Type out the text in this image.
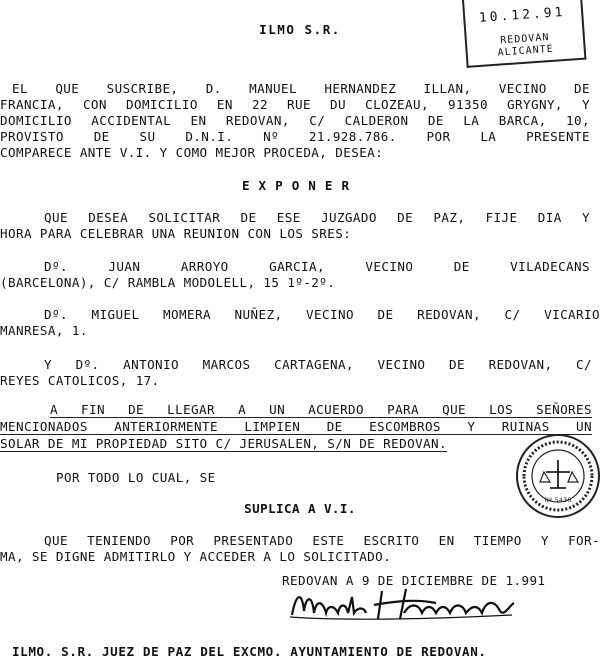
10.12.91
REDOVAN
ALICANTE
ILMO S.R.
EL QUE SUSCRIBE, D. MANUEL HERNANDEZ ILLAN, VECINO DE
FRANCIA, CON DOMICILIO EN 22 RUE DU CLOZEAU, 91350 GRYGNY, Y
DOMICILIO ACCIDENTAL EN REDOVAN, C/ CALDERON DE LA BARCA, 10,
PROVISTO DE SU D.N.I. Nº 21.928.786. POR LA PRESENTE
COMPARECE ANTE V.I. Y COMO MEJOR PROCEDA, DESEA:
EXPONER
QUE DESEA SOLICITAR DE ESE JUZGADO DE PAZ, FIJE DIA Y
HORA PARA CELEBRAR UNA REUNION CON LOS SRES:
Dº. JUAN ARROYO GARCIA, VECINO DE VILADECANS
(BARCELONA), C/ RAMBLA MODOLELL, 15 1º-2º.
Dº. MIGUEL MOMERA NUÑEZ, VECINO DE REDOVAN, C/ VICARIO
MANRESA, 1.
Y Dº. ANTONIO MARCOS CARTAGENA, VECINO DE REDOVAN, C/
REYES CATOLICOS, 17.
A FIN DE LLEGAR A UN ACUERDO PARA QUE LOS SEÑORES
MENCIONADOS ANTERIORMENTE LIMPIEN DE ESCOMBROS Y RUINAS UN
SOLAR DE MI PROPIEDAD SITO C/ JERUSALEN, S/N DE REDOVAN.
POR TODO LO CUAL, SE
SUPLICA A V.I.
QUE TENIENDO POR PRESENTADO ESTE ESCRITO EN TIEMPO Y FOR-
MA, SE DIGNE ADMITIRLO Y ACCEDER A LO SOLICITADO.
REDOVAN A 9 DE DICIEMBRE DE 1.991
Nº 5436
ILMO. S.R. JUEZ DE PAZ DEL EXCMO. AYUNTAMIENTO DE REDOVAN.
